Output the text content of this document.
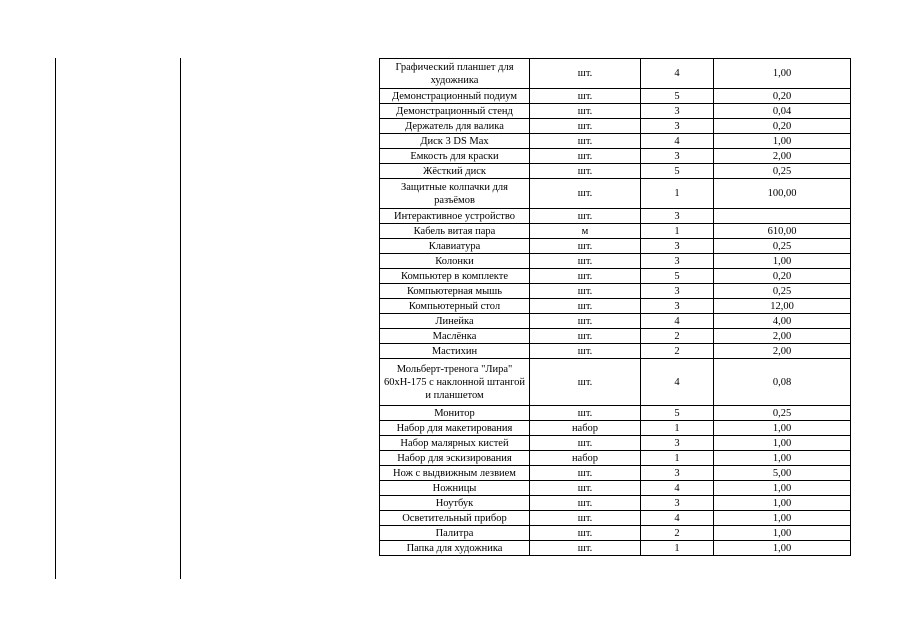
Графический планшет для художника	шт.	4	1,00
Демонстрационный подиум	шт.	5	0,20
Демонстрационный стенд	шт.	3	0,04
Держатель для валика	шт.	3	0,20
Диск 3 DS Max	шт.	4	1,00
Емкость для краски	шт.	3	2,00
Жёсткий диск	шт.	5	0,25
Защитные колпачки для разъёмов	шт.	1	100,00
Интерактивное устройство	шт.	3	
Кабель витая пара	м	1	610,00
Клавиатура	шт.	3	0,25
Колонки	шт.	3	1,00
Компьютер в комплекте	шт.	5	0,20
Компьютерная мышь	шт.	3	0,25
Компьютерный стол	шт.	3	12,00
Линейка	шт.	4	4,00
Маслёнка	шт.	2	2,00
Мастихин	шт.	2	2,00
Мольберт-тренога "Лира" 60хН-175 с наклонной штангой и планшетом	шт.	4	0,08
Монитор	шт.	5	0,25
Набор для макетирования	набор	1	1,00
Набор малярных кистей	шт.	3	1,00
Набор для эскизирования	набор	1	1,00
Нож с выдвижным лезвием	шт.	3	5,00
Ножницы	шт.	4	1,00
Ноутбук	шт.	3	1,00
Осветительный прибор	шт.	4	1,00
Палитра	шт.	2	1,00
Папка для художника	шт.	1	1,00
